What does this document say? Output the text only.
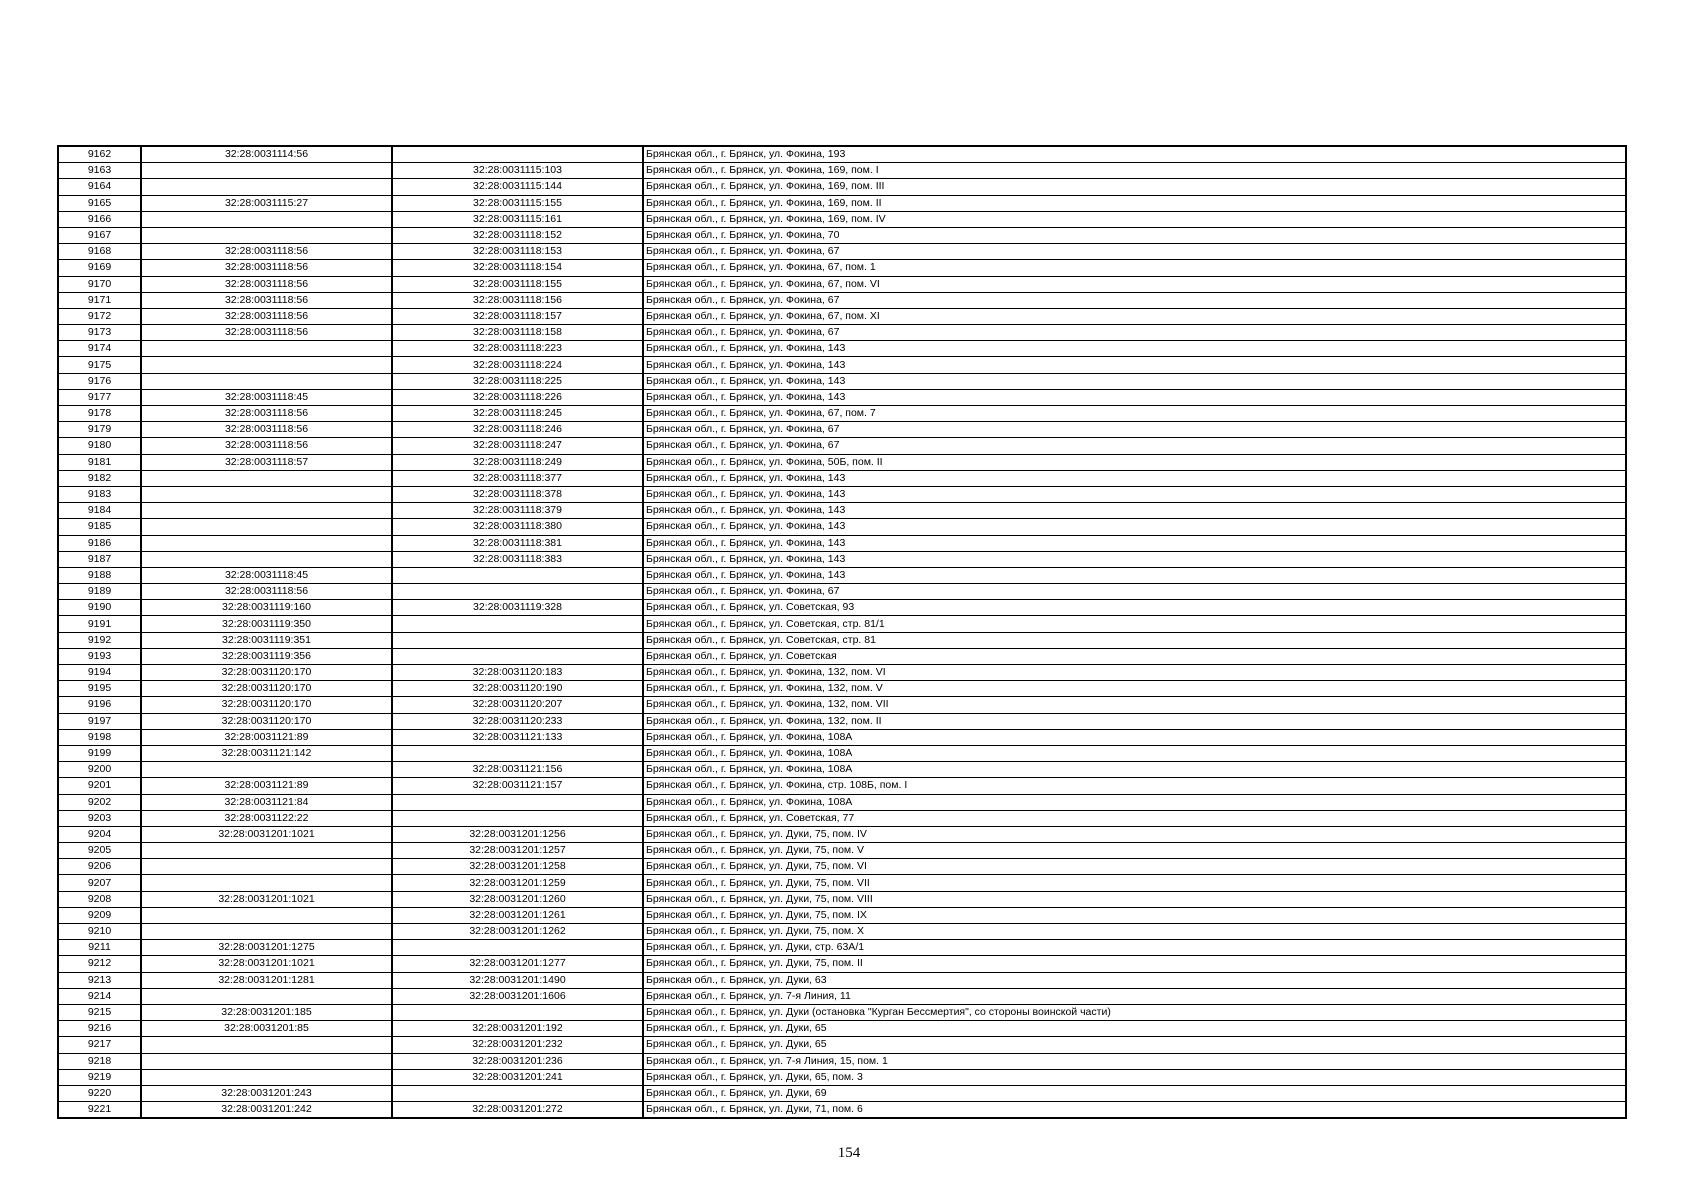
9162	32:28:0031114:56		Брянская обл., г. Брянск, ул. Фокина, 193
9163		32:28:0031115:103	Брянская обл., г. Брянск, ул. Фокина, 169, пом. I
9164		32:28:0031115:144	Брянская обл., г. Брянск, ул. Фокина, 169, пом. III
9165	32:28:0031115:27	32:28:0031115:155	Брянская обл., г. Брянск, ул. Фокина, 169, пом. II
9166		32:28:0031115:161	Брянская обл., г. Брянск, ул. Фокина, 169, пом. IV
9167		32:28:0031118:152	Брянская обл., г. Брянск, ул. Фокина, 70
9168	32:28:0031118:56	32:28:0031118:153	Брянская обл., г. Брянск, ул. Фокина, 67
9169	32:28:0031118:56	32:28:0031118:154	Брянская обл., г. Брянск, ул. Фокина, 67, пом. 1
9170	32:28:0031118:56	32:28:0031118:155	Брянская обл., г. Брянск, ул. Фокина, 67, пом. VI
9171	32:28:0031118:56	32:28:0031118:156	Брянская обл., г. Брянск, ул. Фокина, 67
9172	32:28:0031118:56	32:28:0031118:157	Брянская обл., г. Брянск, ул. Фокина, 67, пом. XI
9173	32:28:0031118:56	32:28:0031118:158	Брянская обл., г. Брянск, ул. Фокина, 67
9174		32:28:0031118:223	Брянская обл., г. Брянск, ул. Фокина, 143
9175		32:28:0031118:224	Брянская обл., г. Брянск, ул. Фокина, 143
9176		32:28:0031118:225	Брянская обл., г. Брянск, ул. Фокина, 143
9177	32:28:0031118:45	32:28:0031118:226	Брянская обл., г. Брянск, ул. Фокина, 143
9178	32:28:0031118:56	32:28:0031118:245	Брянская обл., г. Брянск, ул. Фокина, 67, пом. 7
9179	32:28:0031118:56	32:28:0031118:246	Брянская обл., г. Брянск, ул. Фокина, 67
9180	32:28:0031118:56	32:28:0031118:247	Брянская обл., г. Брянск, ул. Фокина, 67
9181	32:28:0031118:57	32:28:0031118:249	Брянская обл., г. Брянск, ул. Фокина, 50Б, пом. II
9182		32:28:0031118:377	Брянская обл., г. Брянск, ул. Фокина, 143
9183		32:28:0031118:378	Брянская обл., г. Брянск, ул. Фокина, 143
9184		32:28:0031118:379	Брянская обл., г. Брянск, ул. Фокина, 143
9185		32:28:0031118:380	Брянская обл., г. Брянск, ул. Фокина, 143
9186		32:28:0031118:381	Брянская обл., г. Брянск, ул. Фокина, 143
9187		32:28:0031118:383	Брянская обл., г. Брянск, ул. Фокина, 143
9188	32:28:0031118:45		Брянская обл., г. Брянск, ул. Фокина, 143
9189	32:28:0031118:56		Брянская обл., г. Брянск, ул. Фокина, 67
9190	32:28:0031119:160	32:28:0031119:328	Брянская обл., г. Брянск, ул. Советская, 93
9191	32:28:0031119:350		Брянская обл., г. Брянск, ул. Советская, стр. 81/1
9192	32:28:0031119:351		Брянская обл., г. Брянск, ул. Советская, стр. 81
9193	32:28:0031119:356		Брянская обл., г. Брянск, ул. Советская
9194	32:28:0031120:170	32:28:0031120:183	Брянская обл., г. Брянск, ул. Фокина, 132, пом. VI
9195	32:28:0031120:170	32:28:0031120:190	Брянская обл., г. Брянск, ул. Фокина, 132, пом. V
9196	32:28:0031120:170	32:28:0031120:207	Брянская обл., г. Брянск, ул. Фокина, 132, пом. VII
9197	32:28:0031120:170	32:28:0031120:233	Брянская обл., г. Брянск, ул. Фокина, 132, пом. II
9198	32:28:0031121:89	32:28:0031121:133	Брянская обл., г. Брянск, ул. Фокина, 108А
9199	32:28:0031121:142		Брянская обл., г. Брянск, ул. Фокина, 108А
9200		32:28:0031121:156	Брянская обл., г. Брянск, ул. Фокина, 108А
9201	32:28:0031121:89	32:28:0031121:157	Брянская обл., г. Брянск, ул. Фокина, стр. 108Б, пом. I
9202	32:28:0031121:84		Брянская обл., г. Брянск, ул. Фокина, 108А
9203	32:28:0031122:22		Брянская обл., г. Брянск, ул. Советская, 77
9204	32:28:0031201:1021	32:28:0031201:1256	Брянская обл., г. Брянск, ул. Дуки, 75, пом. IV
9205		32:28:0031201:1257	Брянская обл., г. Брянск, ул. Дуки, 75, пом. V
9206		32:28:0031201:1258	Брянская обл., г. Брянск, ул. Дуки, 75, пом. VI
9207		32:28:0031201:1259	Брянская обл., г. Брянск, ул. Дуки, 75, пом. VII
9208	32:28:0031201:1021	32:28:0031201:1260	Брянская обл., г. Брянск, ул. Дуки, 75, пом. VIII
9209		32:28:0031201:1261	Брянская обл., г. Брянск, ул. Дуки, 75, пом. IX
9210		32:28:0031201:1262	Брянская обл., г. Брянск, ул. Дуки, 75, пом. X
9211	32:28:0031201:1275		Брянская обл., г. Брянск, ул. Дуки, стр. 63А/1
9212	32:28:0031201:1021	32:28:0031201:1277	Брянская обл., г. Брянск, ул. Дуки, 75, пом. II
9213	32:28:0031201:1281	32:28:0031201:1490	Брянская обл., г. Брянск, ул. Дуки, 63
9214		32:28:0031201:1606	Брянская обл., г. Брянск, ул. 7-я Линия, 11
9215	32:28:0031201:185		Брянская обл., г. Брянск, ул. Дуки (остановка "Курган Бессмертия", со стороны воинской части)
9216	32:28:0031201:85	32:28:0031201:192	Брянская обл., г. Брянск, ул. Дуки, 65
9217		32:28:0031201:232	Брянская обл., г. Брянск, ул. Дуки, 65
9218		32:28:0031201:236	Брянская обл., г. Брянск, ул. 7-я Линия, 15, пом. 1
9219		32:28:0031201:241	Брянская обл., г. Брянск, ул. Дуки, 65, пом. 3
9220	32:28:0031201:243		Брянская обл., г. Брянск, ул. Дуки, 69
9221	32:28:0031201:242	32:28:0031201:272	Брянская обл., г. Брянск, ул. Дуки, 71, пом. 6
154
